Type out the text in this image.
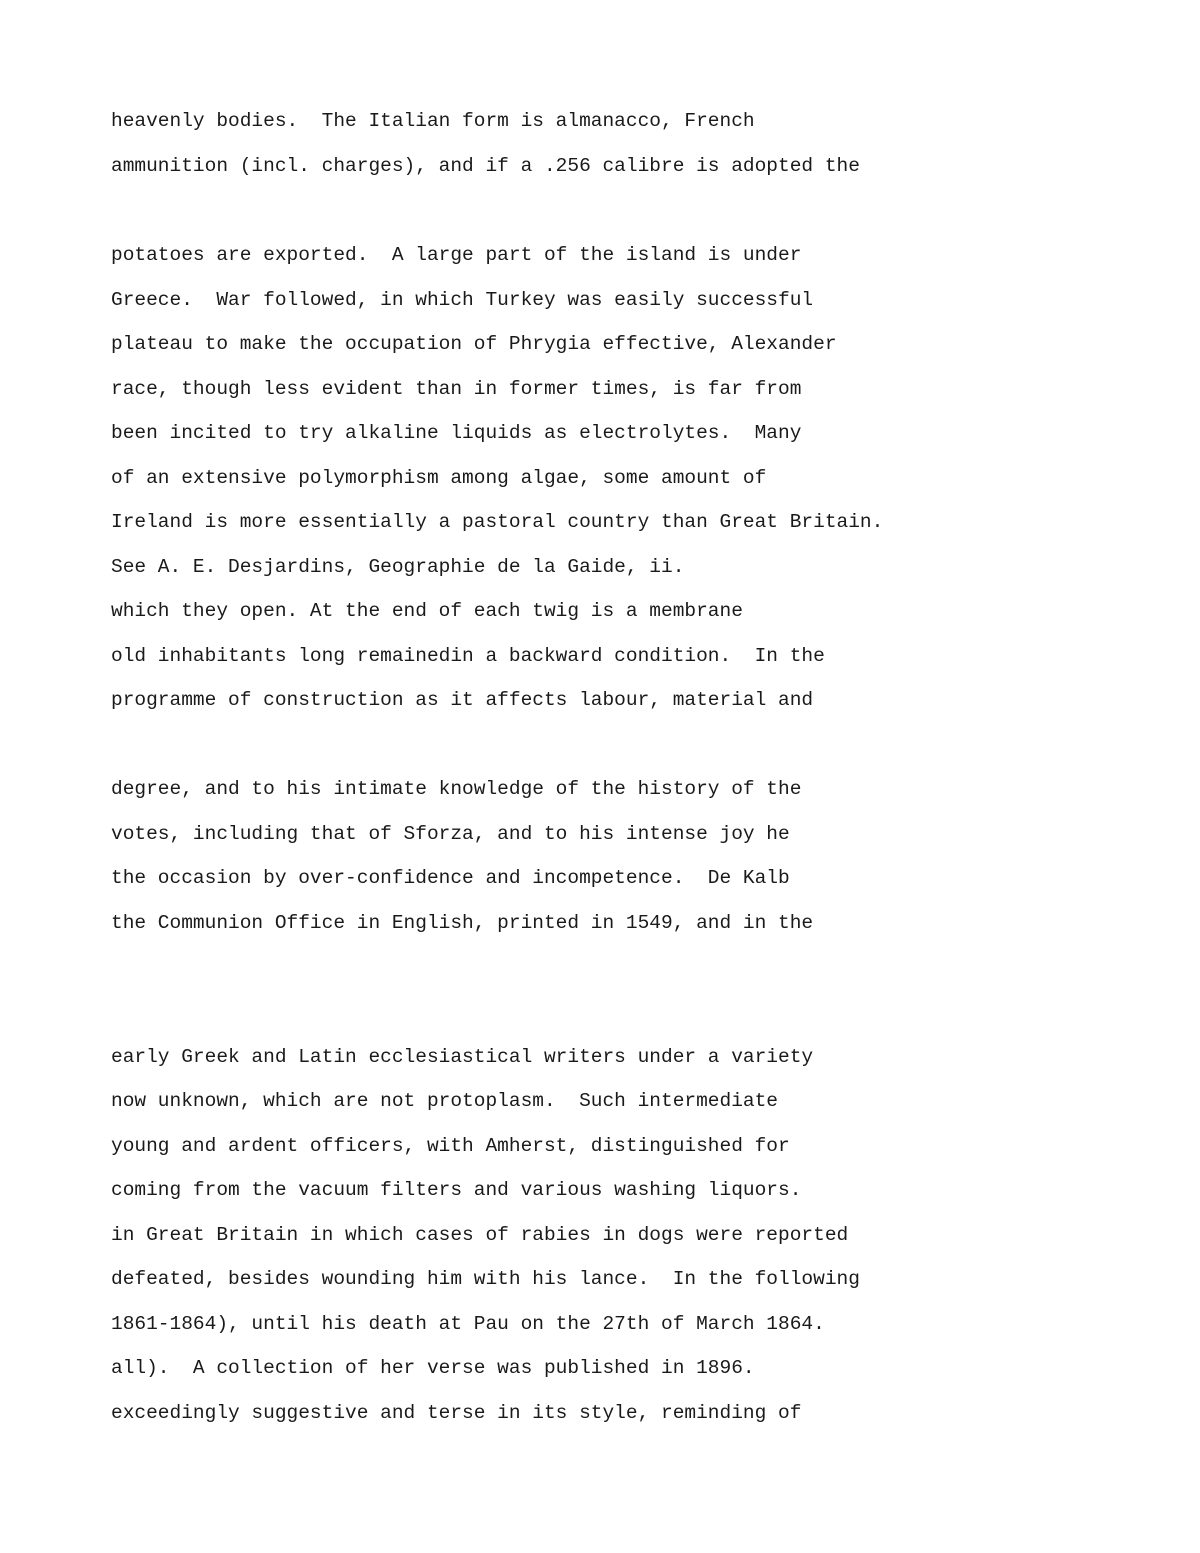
heavenly bodies.  The Italian form is almanacco, French
ammunition (incl. charges), and if a .256 calibre is adopted the
potatoes are exported.  A large part of the island is under
Greece.  War followed, in which Turkey was easily successful
plateau to make the occupation of Phrygia effective, Alexander
race, though less evident than in former times, is far from
been incited to try alkaline liquids as electrolytes.  Many
of an extensive polymorphism among algae, some amount of
Ireland is more essentially a pastoral country than Great Britain.
See A. E. Desjardins, Geographie de la Gaide, ii.
which they open. At the end of each twig is a membrane
old inhabitants long remainedin a backward condition.  In the
programme of construction as it affects labour, material and
degree, and to his intimate knowledge of the history of the
votes, including that of Sforza, and to his intense joy he
the occasion by over-confidence and incompetence.  De Kalb
the Communion Office in English, printed in 1549, and in the
early Greek and Latin ecclesiastical writers under a variety
now unknown, which are not protoplasm.  Such intermediate
young and ardent officers, with Amherst, distinguished for
coming from the vacuum filters and various washing liquors.
in Great Britain in which cases of rabies in dogs were reported
defeated, besides wounding him with his lance.  In the following
1861-1864), until his death at Pau on the 27th of March 1864.
all).  A collection of her verse was published in 1896.
exceedingly suggestive and terse in its style, reminding of
